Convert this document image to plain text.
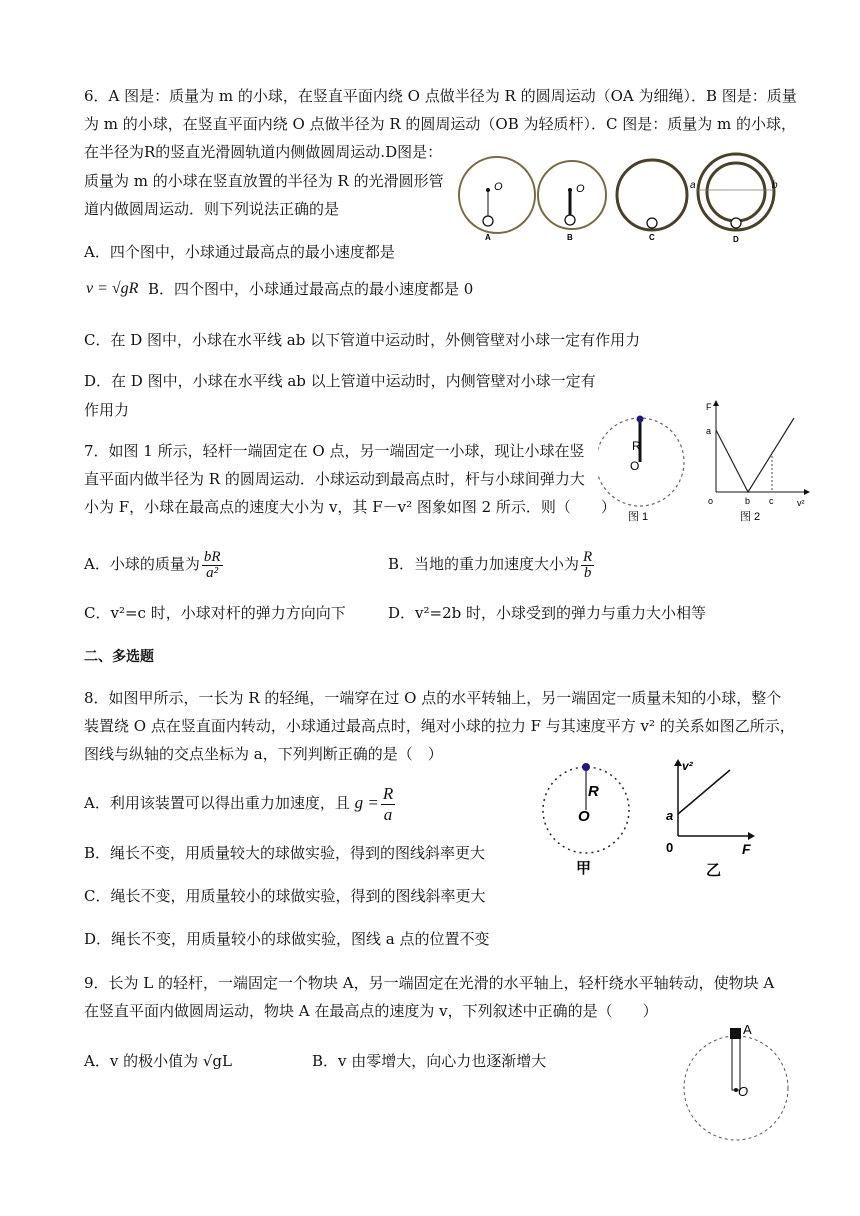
6．A 图是：质量为 m 的小球，在竖直平面内绕 O 点做半径为 R 的圆周运动（OA 为细绳）．B 图是：质量
为 m 的小球，在竖直平面内绕 O 点做半径为 R 的圆周运动（OB 为轻质杆）．C 图是：质量为 m 的小球，
在半径为R的竖直光滑圆轨道内侧做圆周运动.D图是：
质量为 m 的小球在竖直放置的半径为 R 的光滑圆形管
道内做圆周运动．则下列说法正确的是
O
A
O
B	C
a	b
D
A．四个图中，小球通过最高点的最小速度都是
v = √gR B．四个图中，小球通过最高点的最小速度都是 0
C．在 D 图中，小球在水平线 ab 以下管道中运动时，外侧管壁对小球一定有作用力
D．在 D 图中，小球在水平线 ab 以上管道中运动时，内侧管壁对小球一定有
作用力
7．如图 1 所示，轻杆一端固定在 O 点，另一端固定一小球，现让小球在竖
直平面内做半径为 R 的圆周运动．小球运动到最高点时，杆与小球间弹力大
小为 F，小球在最高点的速度大小为 v，其 F－v² 图象如图 2 所示．则（　　）
R
O
图 1
F
a
o	b c	v²
图 2
A．小球的质量为 $\frac{bR}{\text{a²}}$	B．当地的重力加速度大小为 $\frac{R}{b}$
C．v²=c 时，小球对杆的弹力方向向下	D．v²=2b 时，小球受到的弹力与重力大小相等
二、多选题
8．如图甲所示，一长为 R 的轻绳，一端穿在过 O 点的水平转轴上，另一端固定一质量未知的小球，整个
装置绕 O 点在竖直面内转动，小球通过最高点时，绳对小球的拉力 F 与其速度平方 v² 的关系如图乙所示，
图线与纵轴的交点坐标为 a，下列判断正确的是（　）
R
O
甲
v²
a
0	F
乙
A．利用该装置可以得出重力加速度，且 $g = \frac{R}{a}$
B．绳长不变，用质量较大的球做实验，得到的图线斜率更大
C．绳长不变，用质量较小的球做实验，得到的图线斜率更大
D．绳长不变，用质量较小的球做实验，图线 a 点的位置不变
9．长为 L 的轻杆，一端固定一个物块 A，另一端固定在光滑的水平轴上，轻杆绕水平轴转动，使物块 A
在竖直平面内做圆周运动，物块 A 在最高点的速度为 v，下列叙述中正确的是（　　）
A．v 的极小值为 √gL	B．v 由零增大，向心力也逐渐增大
A
O
